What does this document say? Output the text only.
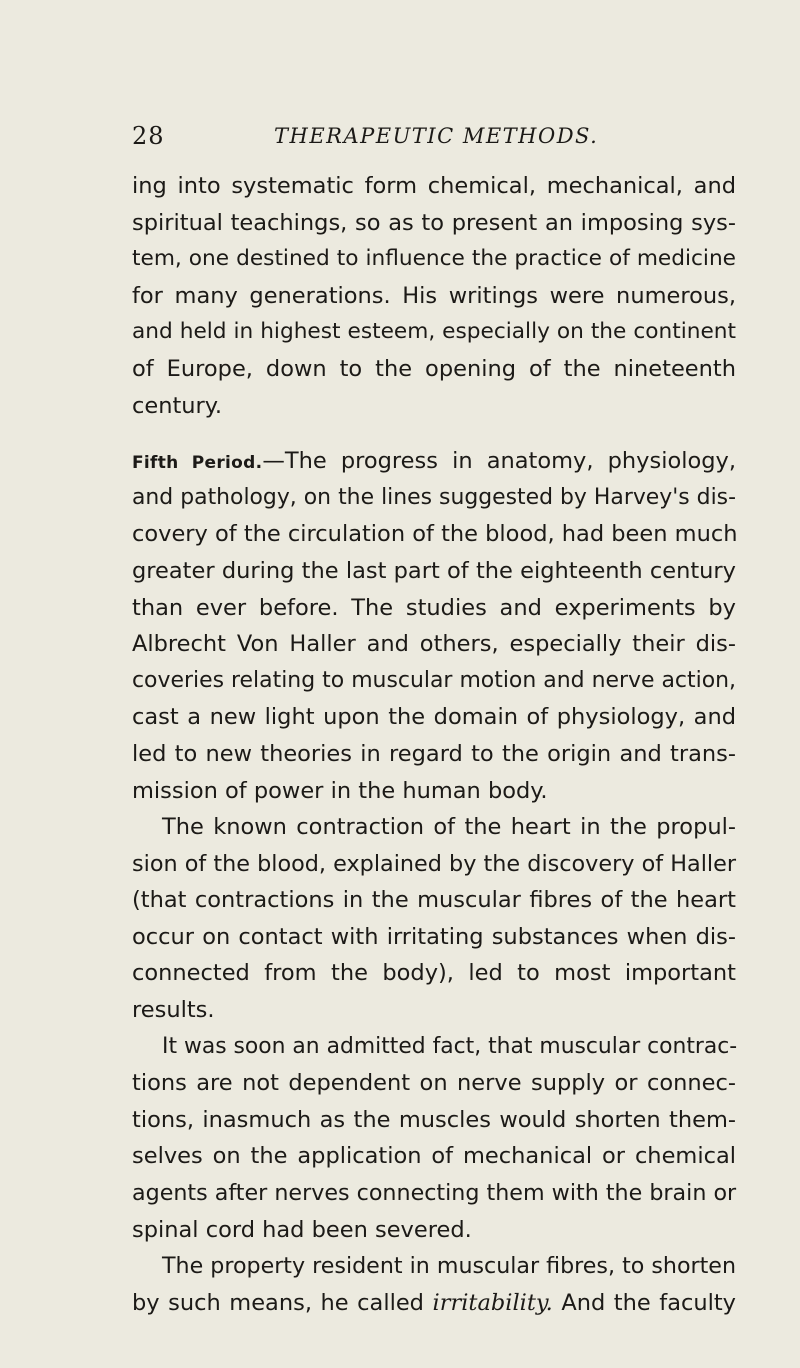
28	THERAPEUTIC METHODS.
ing into systematic form chemical, mechanical, and
spiritual teachings, so as to present an imposing sys-
tem, one destined to influence the practice of medicine
for many generations. His writings were numerous,
and held in highest esteem, especially on the continent
of Europe, down to the opening of the nineteenth
century.
Fifth Period.—The progress in anatomy, physiology,
and pathology, on the lines suggested by Harvey's dis-
covery of the circulation of the blood, had been much
greater during the last part of the eighteenth century
than ever before. The studies and experiments by
Albrecht Von Haller and others, especially their dis-
coveries relating to muscular motion and nerve action,
cast a new light upon the domain of physiology, and
led to new theories in regard to the origin and trans-
mission of power in the human body.
The known contraction of the heart in the propul-
sion of the blood, explained by the discovery of Haller
(that contractions in the muscular fibres of the heart
occur on contact with irritating substances when dis-
connected from the body), led to most important
results.
It was soon an admitted fact, that muscular contrac-
tions are not dependent on nerve supply or connec-
tions, inasmuch as the muscles would shorten them-
selves on the application of mechanical or chemical
agents after nerves connecting them with the brain or
spinal cord had been severed.
The property resident in muscular fibres, to shorten
by such means, he called irritability. And the faculty
